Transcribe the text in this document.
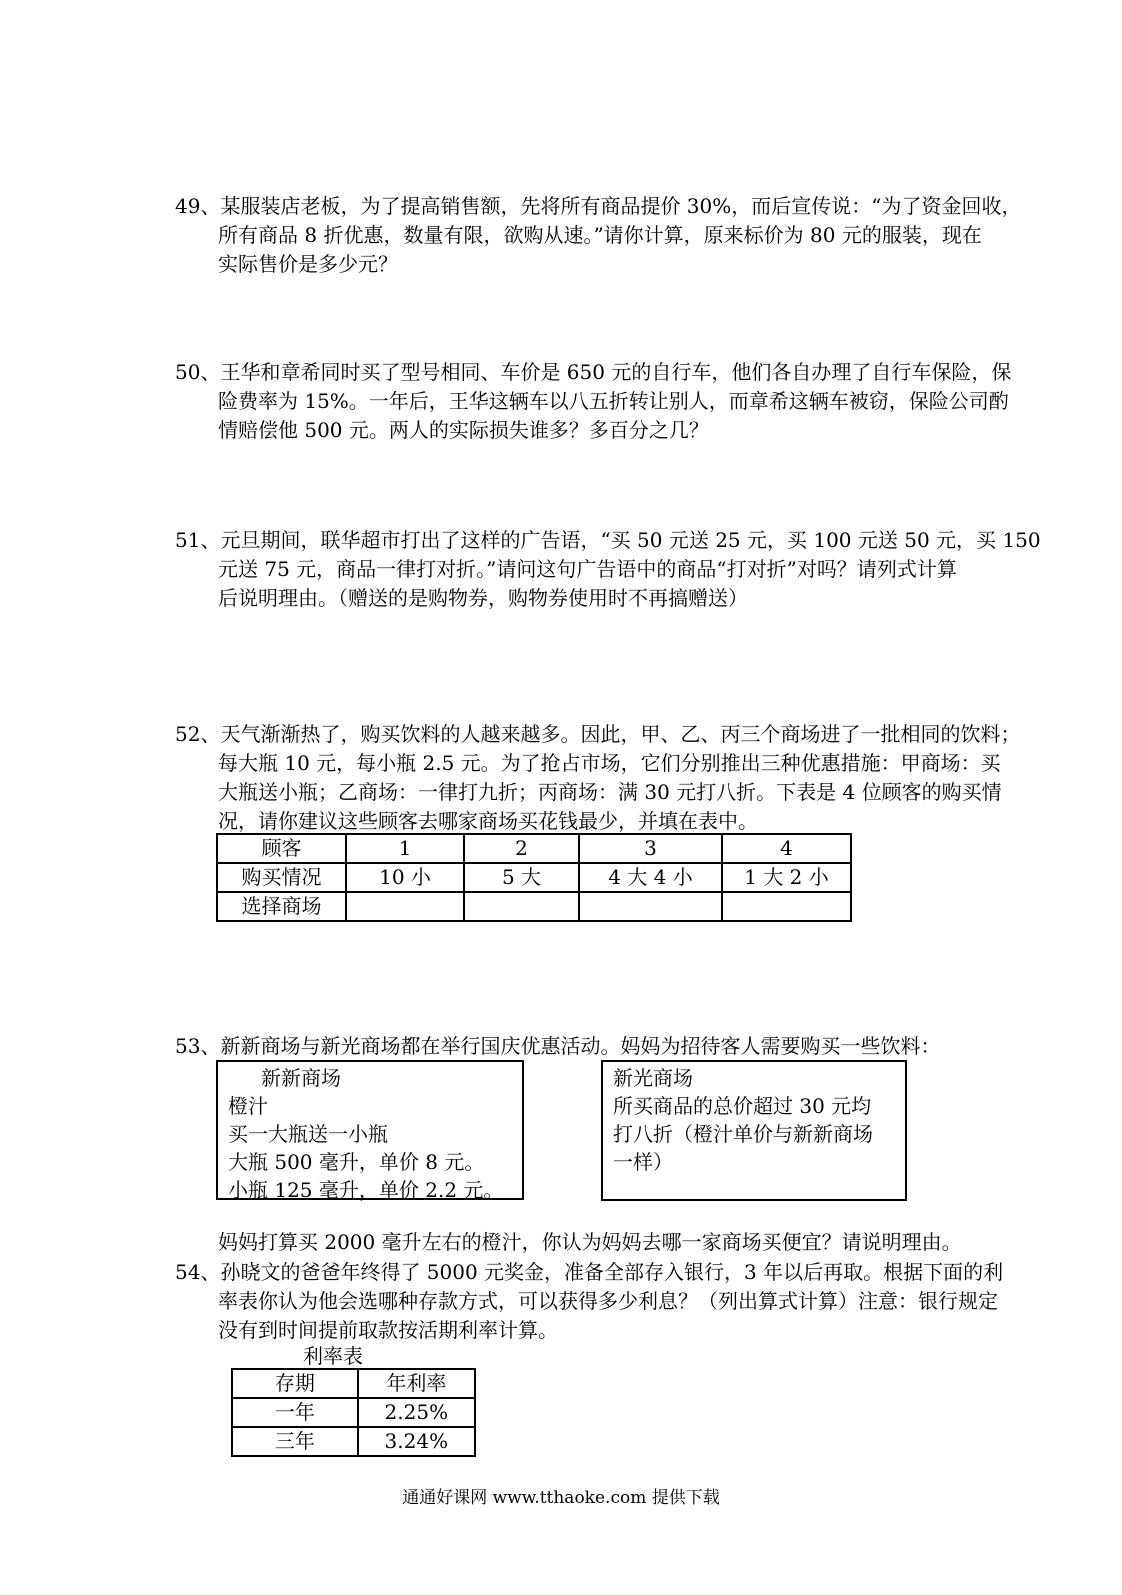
49、某服装店老板，为了提高销售额，先将所有商品提价 30%，而后宣传说：“为了资金回收，
所有商品 8 折优惠，数量有限，欲购从速。”请你计算，原来标价为 80 元的服装，现在
实际售价是多少元？
50、王华和章希同时买了型号相同、车价是 650 元的自行车，他们各自办理了自行车保险，保
险费率为 15%。一年后，王华这辆车以八五折转让别人，而章希这辆车被窃，保险公司酌
情赔偿他 500 元。两人的实际损失谁多？多百分之几？
51、元旦期间，联华超市打出了这样的广告语，“买 50 元送 25 元，买 100 元送 50 元，买 150
元送 75 元，商品一律打对折。”请问这句广告语中的商品“打对折”对吗？请列式计算
后说明理由。（赠送的是购物券，购物券使用时不再搞赠送）
52、天气渐渐热了，购买饮料的人越来越多。因此，甲、乙、丙三个商场进了一批相同的饮料；
每大瓶 10 元，每小瓶 2.5 元。为了抢占市场，它们分别推出三种优惠措施：甲商场：买
大瓶送小瓶；乙商场：一律打九折；丙商场：满 30 元打八折。下表是 4 位顾客的购买情
况，请你建议这些顾客去哪家商场买花钱最少，并填在表中。
顾客	1	2	3	4
购买情况	10 小	5 大	4 大 4 小	1 大 2 小
选择商场				
53、新新商场与新光商场都在举行国庆优惠活动。妈妈为招待客人需要购买一些饮料：
新新商场
橙汁
买一大瓶送一小瓶
大瓶 500 毫升，单价 8 元。
小瓶 125 毫升，单价 2.2 元。
新光商场
所买商品的总价超过 30 元均
打八折（橙汁单价与新新商场
一样）
妈妈打算买 2000 毫升左右的橙汁，你认为妈妈去哪一家商场买便宜？请说明理由。
54、孙晓文的爸爸年终得了 5000 元奖金，准备全部存入银行，3 年以后再取。根据下面的利
率表你认为他会选哪种存款方式，可以获得多少利息？（列出算式计算）注意：银行规定
没有到时间提前取款按活期利率计算。
利率表
存期	年利率
一年	2.25%
三年	3.24%
通通好课网 www.tthaoke.com 提供下载
